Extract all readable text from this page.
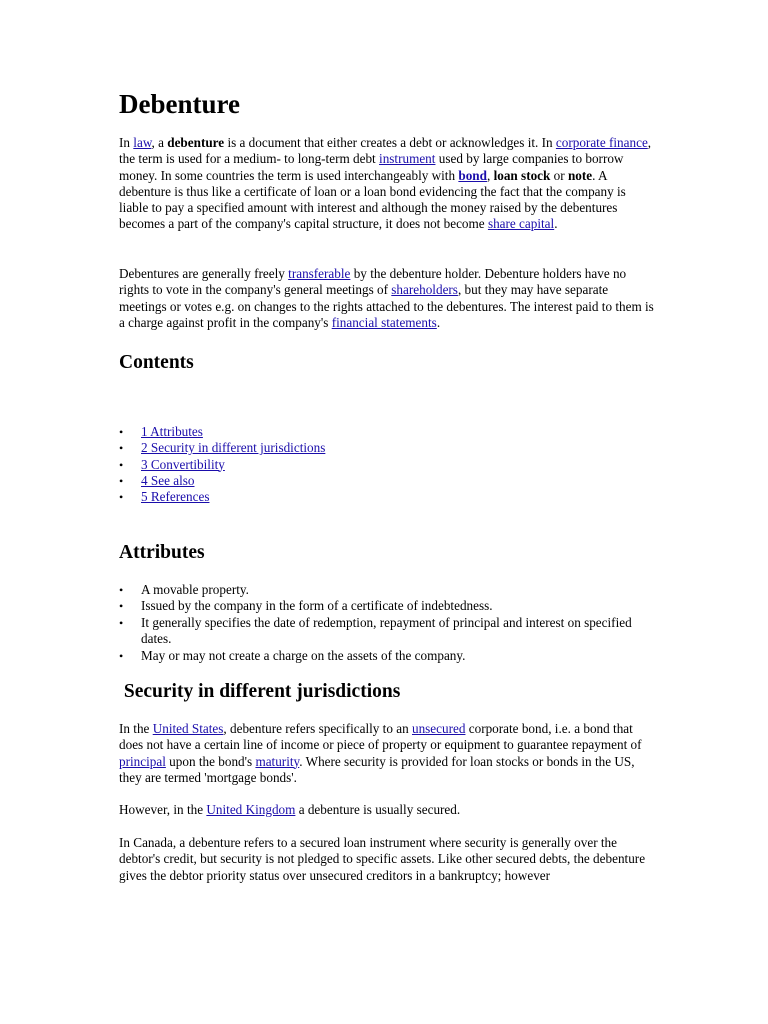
Debenture

In law, a debenture is a document that either creates a debt or acknowledges it. In corporate finance, the term is used for a medium- to long-term debt instrument used by large companies to borrow money. In some countries the term is used interchangeably with bond, loan stock or note. A debenture is thus like a certificate of loan or a loan bond evidencing the fact that the company is liable to pay a specified amount with interest and although the money raised by the debentures becomes a part of the company's capital structure, it does not become share capital.

Debentures are generally freely transferable by the debenture holder. Debenture holders have no rights to vote in the company's general meetings of shareholders, but they may have separate meetings or votes e.g. on changes to the rights attached to the debentures. The interest paid to them is a charge against profit in the company's financial statements.

Contents
• 1 Attributes
• 2 Security in different jurisdictions
• 3 Convertibility
• 4 See also
• 5 References
Attributes
• A movable property.
• Issued by the company in the form of a certificate of indebtedness.
• It generally specifies the date of redemption, repayment of principal and interest on specified dates.
• May or may not create a charge on the assets of the company.
Security in different jurisdictions

In the United States, debenture refers specifically to an unsecured corporate bond, i.e. a bond that does not have a certain line of income or piece of property or equipment to guarantee repayment of principal upon the bond's maturity. Where security is provided for loan stocks or bonds in the US, they are termed 'mortgage bonds'.

However, in the United Kingdom a debenture is usually secured.

In Canada, a debenture refers to a secured loan instrument where security is generally over the debtor's credit, but security is not pledged to specific assets. Like other secured debts, the debenture gives the debtor priority status over unsecured creditors in a bankruptcy; however
